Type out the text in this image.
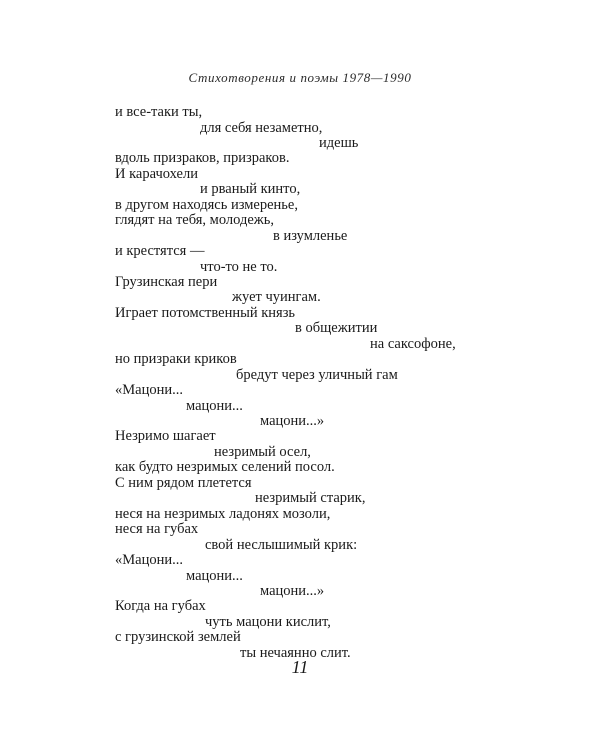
Стихотворения и поэмы 1978—1990
и все-таки ты,
для себя незаметно,
идешь
вдоль призраков, призраков.
И карачохели
и рваный кинто,
в другом находясь измеренье,
глядят на тебя, молодежь,
в изумленье
и крестятся —
что-то не то.
Грузинская пери
жует чуингам.
Играет потомственный князь
в общежитии
на саксофоне,
но призраки криков
бредут через уличный гам
«Мацони...
мацони...
мацони...»
Незримо шагает
незримый осел,
как будто незримых селений посол.
С ним рядом плетется
незримый старик,
неся на незримых ладонях мозоли,
неся на губах
свой неслышимый крик:
«Мацони...
мацони...
мацони...»
Когда на губах
чуть мацони кислит,
с грузинской землей
ты нечаянно слит.
11
